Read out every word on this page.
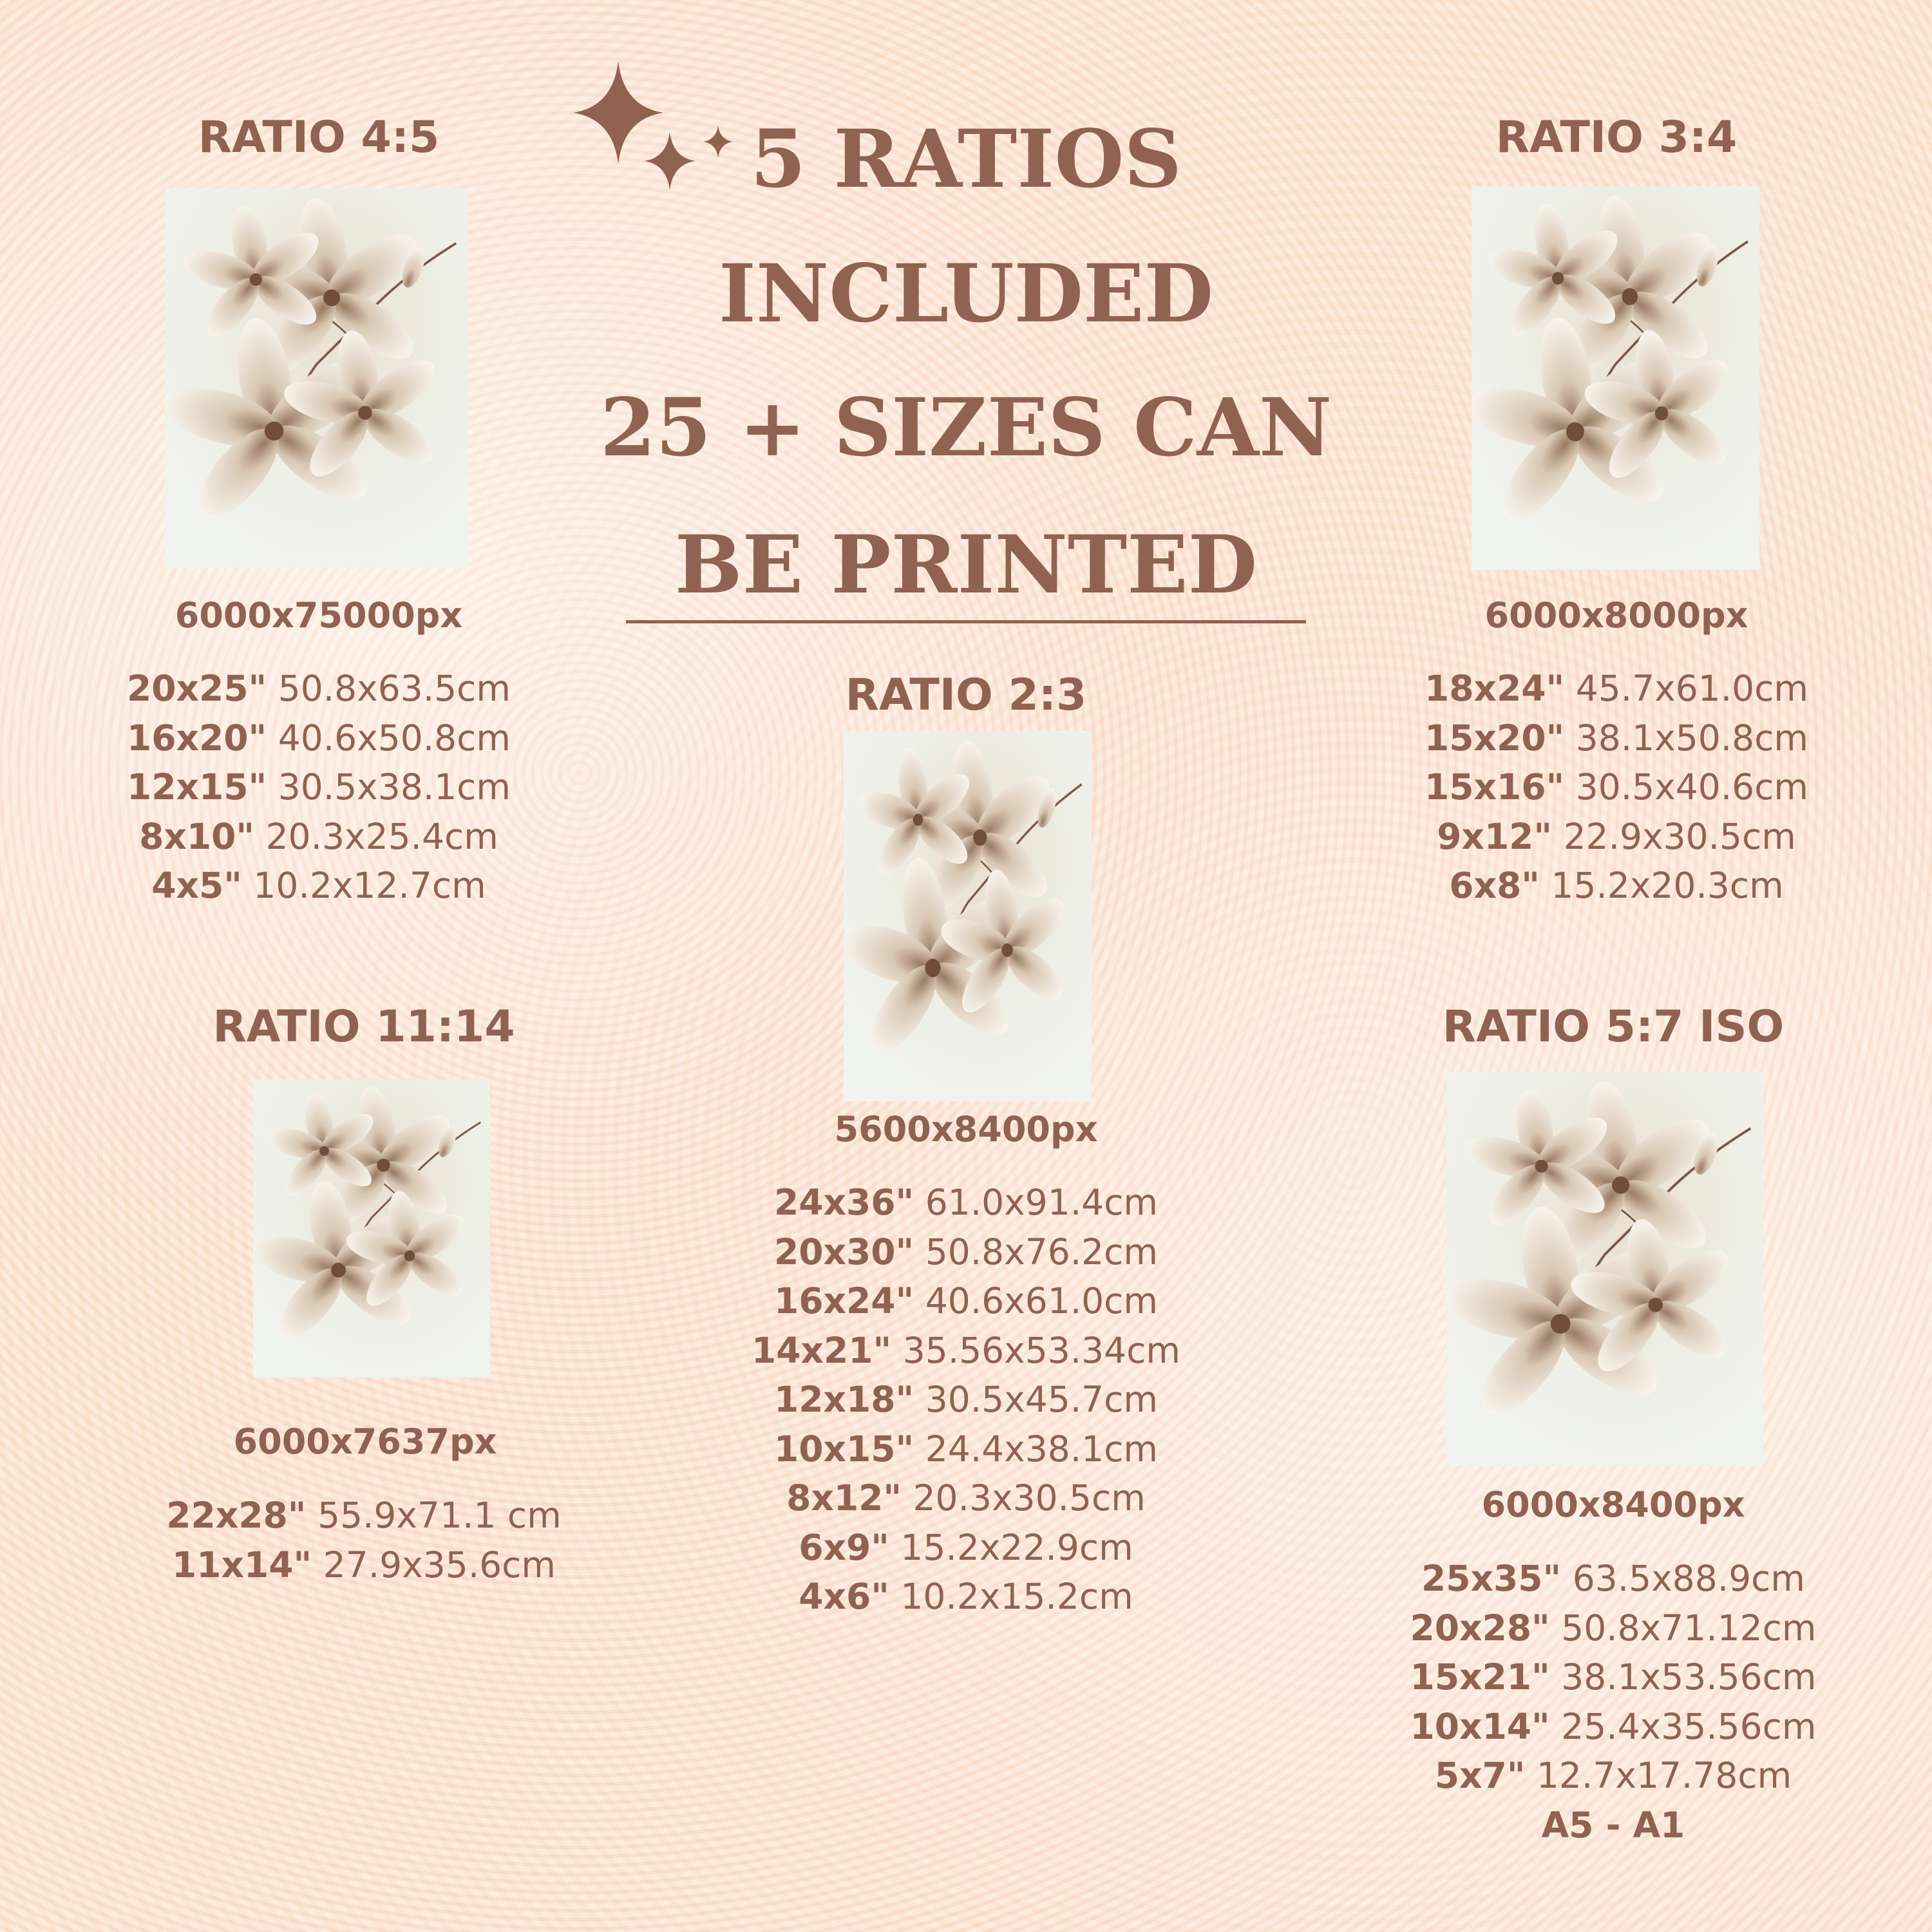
5 RATIOS
INCLUDED
25 + SIZES CAN
BE PRINTED
RATIO 4:5
6000x75000px
20x25" 50.8x63.5cm
16x20" 40.6x50.8cm
12x15" 30.5x38.1cm
8x10" 20.3x25.4cm
4x5" 10.2x12.7cm
RATIO 3:4
6000x8000px
18x24" 45.7x61.0cm
15x20" 38.1x50.8cm
15x16" 30.5x40.6cm
9x12" 22.9x30.5cm
6x8" 15.2x20.3cm
RATIO 2:3
5600x8400px
24x36" 61.0x91.4cm
20x30" 50.8x76.2cm
16x24" 40.6x61.0cm
14x21" 35.56x53.34cm
12x18" 30.5x45.7cm
10x15" 24.4x38.1cm
8x12" 20.3x30.5cm
6x9" 15.2x22.9cm
4x6" 10.2x15.2cm
RATIO 11:14
6000x7637px
22x28" 55.9x71.1 cm
11x14" 27.9x35.6cm
RATIO 5:7 ISO
6000x8400px
25x35" 63.5x88.9cm
20x28" 50.8x71.12cm
15x21" 38.1x53.56cm
10x14" 25.4x35.56cm
5x7" 12.7x17.78cm
A5 - A1
